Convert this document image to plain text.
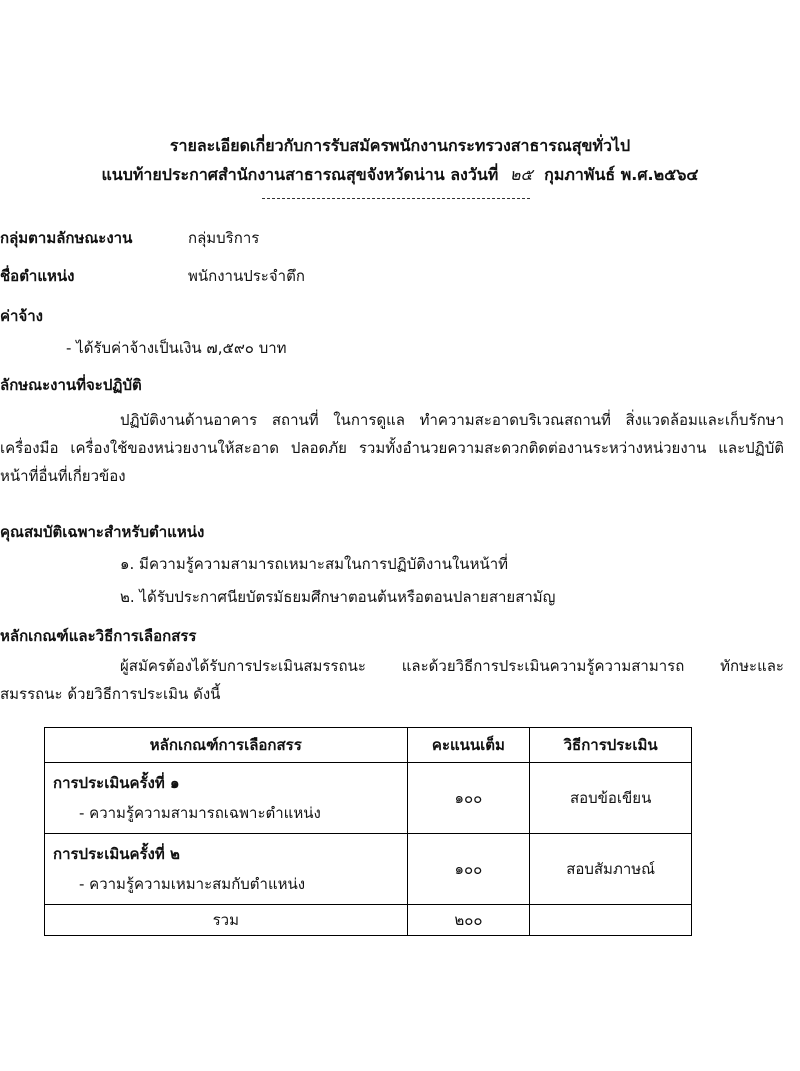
รายละเอียดเกี่ยวกับการรับสมัครพนักงานกระทรวงสาธารณสุขทั่วไป
แนบท้ายประกาศสำนักงานสาธารณสุขจังหวัดน่าน ลงวันที่ ๒๕ กุมภาพันธ์ พ.ศ.๒๕๖๔
กลุ่มตามลักษณะงาน	กลุ่มบริการ
ชื่อตำแหน่ง	พนักงานประจำตึก
ค่าจ้าง
- ได้รับค่าจ้างเป็นเงิน ๗,๕๙๐ บาท
ลักษณะงานที่จะปฏิบัติ
ปฏิบัติงานด้านอาคาร สถานที่ ในการดูแล ทำความสะอาดบริเวณสถานที่ สิ่งแวดล้อมและเก็บรักษา เครื่องมือ เครื่องใช้ของหน่วยงานให้สะอาด ปลอดภัย รวมทั้งอำนวยความสะดวกติดต่องานระหว่างหน่วยงาน และปฏิบัติหน้าที่อื่นที่เกี่ยวข้อง
คุณสมบัติเฉพาะสำหรับตำแหน่ง
๑. มีความรู้ความสามารถเหมาะสมในการปฏิบัติงานในหน้าที่
๒. ได้รับประกาศนียบัตรมัธยมศึกษาตอนต้นหรือตอนปลายสายสามัญ
หลักเกณฑ์และวิธีการเลือกสรร
ผู้สมัครต้องได้รับการประเมินสมรรถนะ และด้วยวิธีการประเมินความรู้ความสามารถ ทักษะและสมรรถนะ ด้วยวิธีการประเมิน ดังนี้
หลักเกณฑ์การเลือกสรร	คะแนนเต็ม	วิธีการประเมิน

การประเมินครั้งที่ ๑
- ความรู้ความสามารถเฉพาะตำแหน่ง	๑๐๐	สอบข้อเขียน

การประเมินครั้งที่ ๒
- ความรู้ความเหมาะสมกับตำแหน่ง	๑๐๐	สอบสัมภาษณ์
รวม	๒๐๐	
